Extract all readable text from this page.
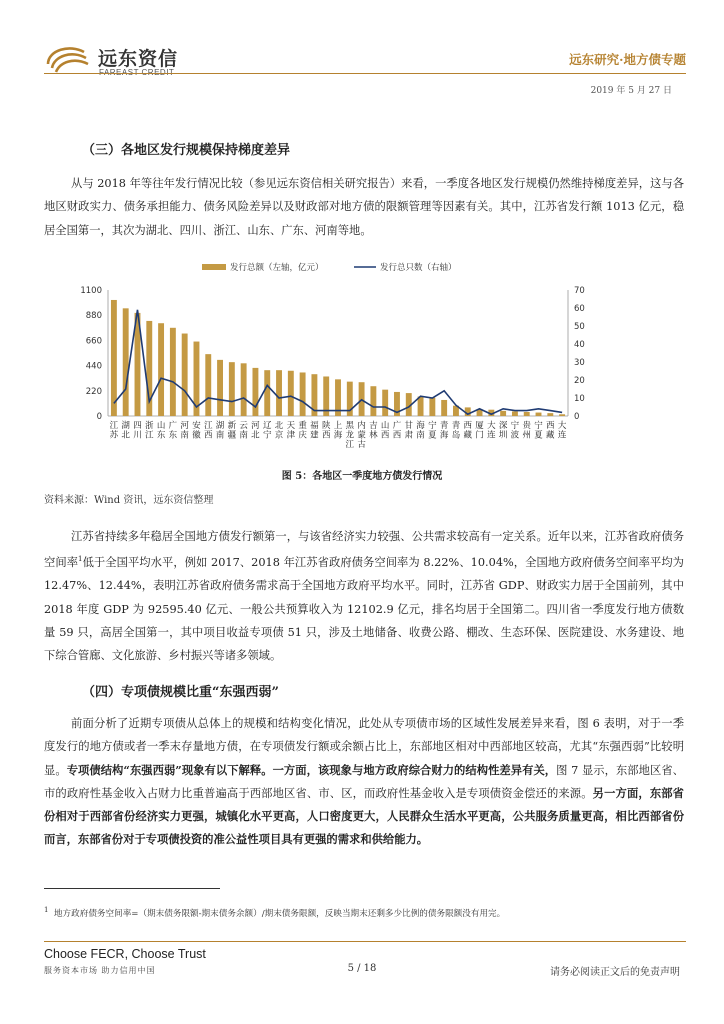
远东资信	远东研究·地方债专题
2019 年 5 月 27 日
（三）各地区发行规模保持梯度差异
从与 2018 年等往年发行情况比较（参见远东资信相关研究报告）来看，一季度各地区发行规模仍然维持梯度差异，这与各地区财政实力、债务承担能力、债务风险差异以及财政部对地方债的限额管理等因素有关。其中，江苏省发行额 1013 亿元，稳居全国第一，其次为湖北、四川、浙江、山东、广东、河南等地。
发行总额（左轴，亿元）	发行总只数（右轴）
0
220
440
660
880
1100
0
10
20
30
40
50
60
70
江苏
湖北
四川
浙江
山东
广东
河南
安徽
江西
湖南
新疆
云南
河北
辽宁
北京
天津
重庆
福建
陕西
上海
黑龙江
内蒙古
吉林
山西
广西
甘肃
海南
宁夏
青海
青岛
西藏
厦门
大连
深圳
宁波
贵州
宁夏
西藏
大连
图 5：各地区一季度地方债发行情况
资料来源：Wind 资讯，远东资信整理
江苏省持续多年稳居全国地方债发行额第一，与该省经济实力较强、公共需求较高有一定关系。近年以来，江苏省政府债务空间率$^1$低于全国平均水平，例如 2017、2018 年江苏省政府债务空间率为 8.22%、10.04%，全国地方政府债务空间率平均为 12.47%、12.44%，表明江苏省政府债务需求高于全国地方政府平均水平。同时，江苏省 GDP、财政实力居于全国前列，其中 2018 年度 GDP 为 92595.40 亿元、一般公共预算收入为 12102.9 亿元，排名均居于全国第二。四川省一季度发行地方债数量 59 只，高居全国第一，其中项目收益专项债 51 只，涉及土地储备、收费公路、棚改、生态环保、医院建设、水务建设、地下综合管廊、文化旅游、乡村振兴等诸多领域。
（四）专项债规模比重“东强西弱”
前面分析了近期专项债从总体上的规模和结构变化情况，此处从专项债市场的区域性发展差异来看，图 6 表明，对于一季度发行的地方债或者一季末存量地方债，在专项债发行额或余额占比上，东部地区相对中西部地区较高，尤其“东强西弱”比较明显。专项债结构“东强西弱”现象有以下解释。一方面，该现象与地方政府综合财力的结构性差异有关，图 7 显示，东部地区省、市的政府性基金收入占财力比重普遍高于西部地区省、市、区，而政府性基金收入是专项债资金偿还的来源。另一方面，东部省份相对于西部省份经济实力更强，城镇化水平更高，人口密度更大，人民群众生活水平更高，公共服务质量更高，相比西部省份而言，东部省份对于专项债投资的准公益性项目具有更强的需求和供给能力。
$^1$ 地方政府债务空间率=（期末债务限额-期末债务余额）/期末债务限额，反映当期末还剩多少比例的债务限额没有用完。
Choose FECR, Choose Trust
服务资本市场 助力信用中国	5 / 18	请务必阅读正文后的免责声明
